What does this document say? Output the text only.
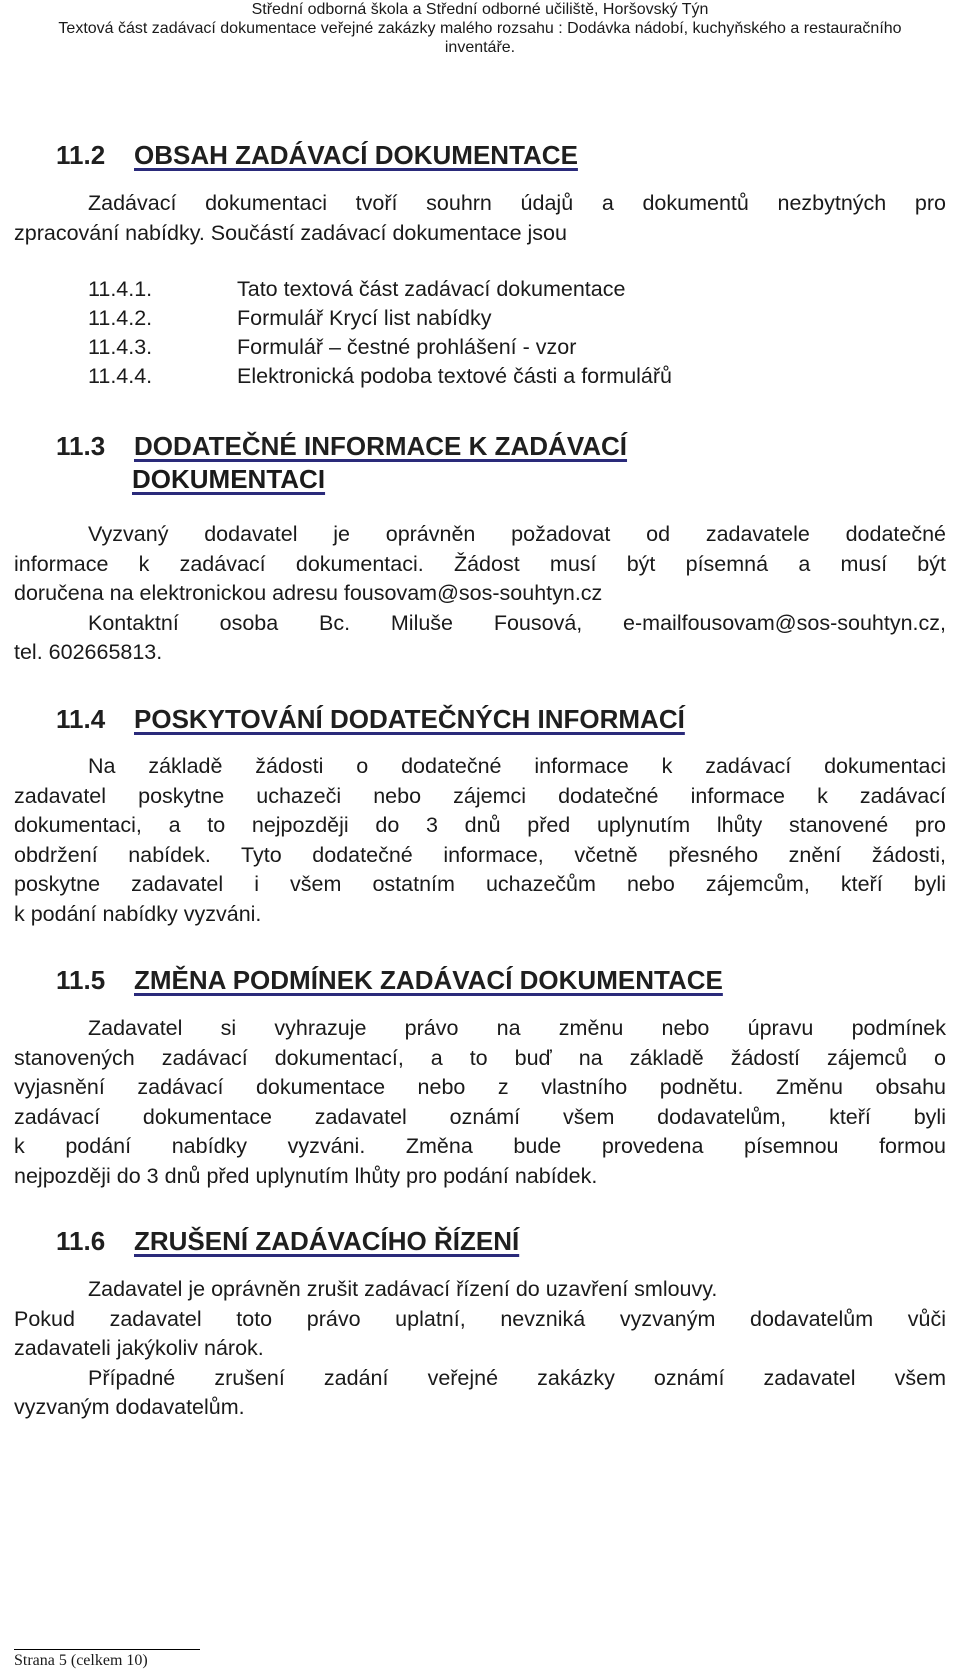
Střední odborná škola a Střední odborné učiliště, Horšovský Týn
Textová část zadávací dokumentace veřejné zakázky malého rozsahu : Dodávka nádobí, kuchyňského a restauračního
inventáře.
11.2 OBSAH ZADÁVACÍ DOKUMENTACE
Zadávací dokumentaci tvoří souhrn údajů a dokumentů nezbytných pro
zpracování nabídky. Součástí zadávací dokumentace jsou
11.4.1.	Tato textová část zadávací dokumentace
11.4.2.	Formulář Krycí list nabídky
11.4.3.	Formulář – čestné prohlášení - vzor
11.4.4.	Elektronická podoba textové části a formulářů
11.3 DODATEČNÉ INFORMACE K ZADÁVACÍ
DOKUMENTACI
Vyzvaný dodavatel je oprávněn požadovat od zadavatele dodatečné
informace k zadávací dokumentaci. Žádost musí být písemná a musí být
doručena na elektronickou adresu fousovam@sos-souhtyn.cz
Kontaktní osoba Bc. Miluše Fousová, e-mailfousovam@sos-souhtyn.cz,
tel. 602665813.
11.4 POSKYTOVÁNÍ DODATEČNÝCH INFORMACÍ
Na základě žádosti o dodatečné informace k zadávací dokumentaci
zadavatel poskytne uchazeči nebo zájemci dodatečné informace k zadávací
dokumentaci, a to nejpozději do 3 dnů před uplynutím lhůty stanovené pro
obdržení nabídek. Tyto dodatečné informace, včetně přesného znění žádosti,
poskytne zadavatel i všem ostatním uchazečům nebo zájemcům, kteří byli
k podání nabídky vyzváni.
11.5 ZMĚNA PODMÍNEK ZADÁVACÍ DOKUMENTACE
Zadavatel si vyhrazuje právo na změnu nebo úpravu podmínek
stanovených zadávací dokumentací, a to buď na základě žádostí zájemců o
vyjasnění zadávací dokumentace nebo z vlastního podnětu. Změnu obsahu
zadávací dokumentace zadavatel oznámí všem dodavatelům, kteří byli
k podání nabídky vyzváni. Změna bude provedena písemnou formou
nejpozději do 3 dnů před uplynutím lhůty pro podání nabídek.
11.6 ZRUŠENÍ ZADÁVACÍHO ŘÍZENÍ
Zadavatel je oprávněn zrušit zadávací řízení do uzavření smlouvy.
Pokud zadavatel toto právo uplatní, nevzniká vyzvaným dodavatelům vůči
zadavateli jakýkoliv nárok.
Případné zrušení zadání veřejné zakázky oznámí zadavatel všem
vyzvaným dodavatelům.
Strana 5 (celkem 10)
